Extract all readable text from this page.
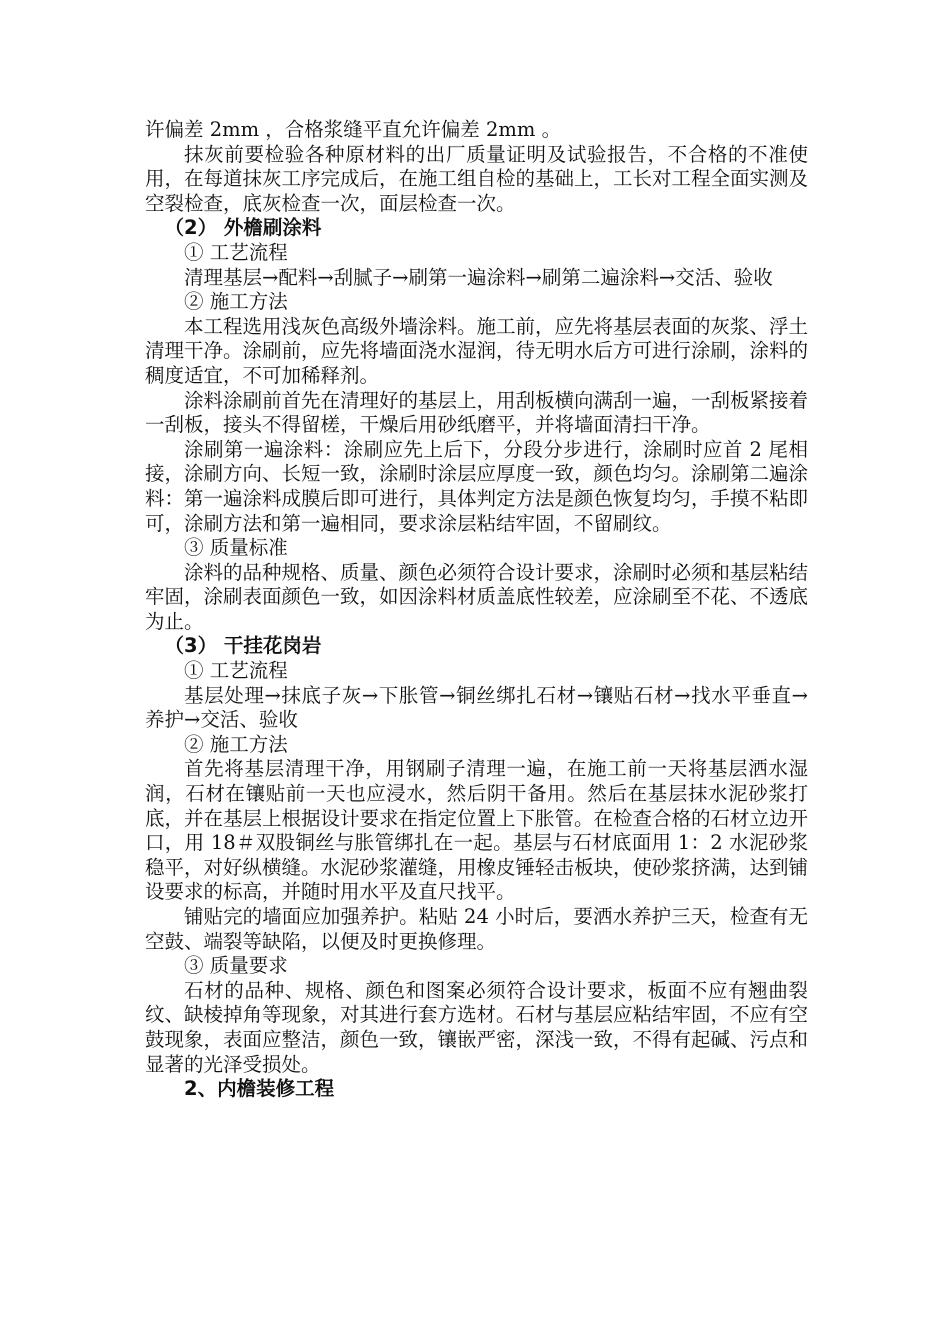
许偏差 2mm ，合格浆缝平直允许偏差 2mm 。

抹灰前要检验各种原材料的出厂质量证明及试验报告，不合格的不准使用，在每道抹灰工序完成后，在施工组自检的基础上，工长对工程全面实测及空裂检查，底灰检查一次，面层检查一次。

（2） 外檐刷涂料

① 工艺流程

清理基层→配料→刮腻子→刷第一遍涂料→刷第二遍涂料→交活、验收

② 施工方法

本工程选用浅灰色高级外墙涂料。施工前，应先将基层表面的灰浆、浮土清理干净。涂刷前，应先将墙面浇水湿润，待无明水后方可进行涂刷，涂料的稠度适宜，不可加稀释剂。

涂料涂刷前首先在清理好的基层上，用刮板横向满刮一遍，一刮板紧接着一刮板，接头不得留槎，干燥后用砂纸磨平，并将墙面清扫干净。

涂刷第一遍涂料：涂刷应先上后下，分段分步进行，涂刷时应首 2 尾相接，涂刷方向、长短一致，涂刷时涂层应厚度一致，颜色均匀。涂刷第二遍涂料：第一遍涂料成膜后即可进行，具体判定方法是颜色恢复均匀，手摸不粘即可，涂刷方法和第一遍相同，要求涂层粘结牢固，不留刷纹。

③ 质量标准

涂料的品种规格、质量、颜色必须符合设计要求，涂刷时必须和基层粘结牢固，涂刷表面颜色一致，如因涂料材质盖底性较差，应涂刷至不花、不透底为止。

（3） 干挂花岗岩

① 工艺流程

基层处理→抹底子灰→下胀管→铜丝绑扎石材→镶贴石材→找水平垂直→养护→交活、验收

② 施工方法

首先将基层清理干净，用钢刷子清理一遍，在施工前一天将基层洒水湿润，石材在镶贴前一天也应浸水，然后阴干备用。然后在基层抹水泥砂浆打底，并在基层上根据设计要求在指定位置上下胀管。在检查合格的石材立边开口，用 18＃双股铜丝与胀管绑扎在一起。基层与石材底面用 1：2 水泥砂浆稳平，对好纵横缝。水泥砂浆灌缝，用橡皮锤轻击板块，使砂浆挤满，达到铺设要求的标高，并随时用水平及直尺找平。

铺贴完的墙面应加强养护。粘贴 24 小时后，要洒水养护三天，检查有无空鼓、端裂等缺陷，以便及时更换修理。

③ 质量要求

石材的品种、规格、颜色和图案必须符合设计要求，板面不应有翘曲裂纹、缺棱掉角等现象，对其进行套方选材。石材与基层应粘结牢固，不应有空鼓现象，表面应整洁，颜色一致，镶嵌严密，深浅一致，不得有起碱、污点和显著的光泽受损处。

2、内檐装修工程
